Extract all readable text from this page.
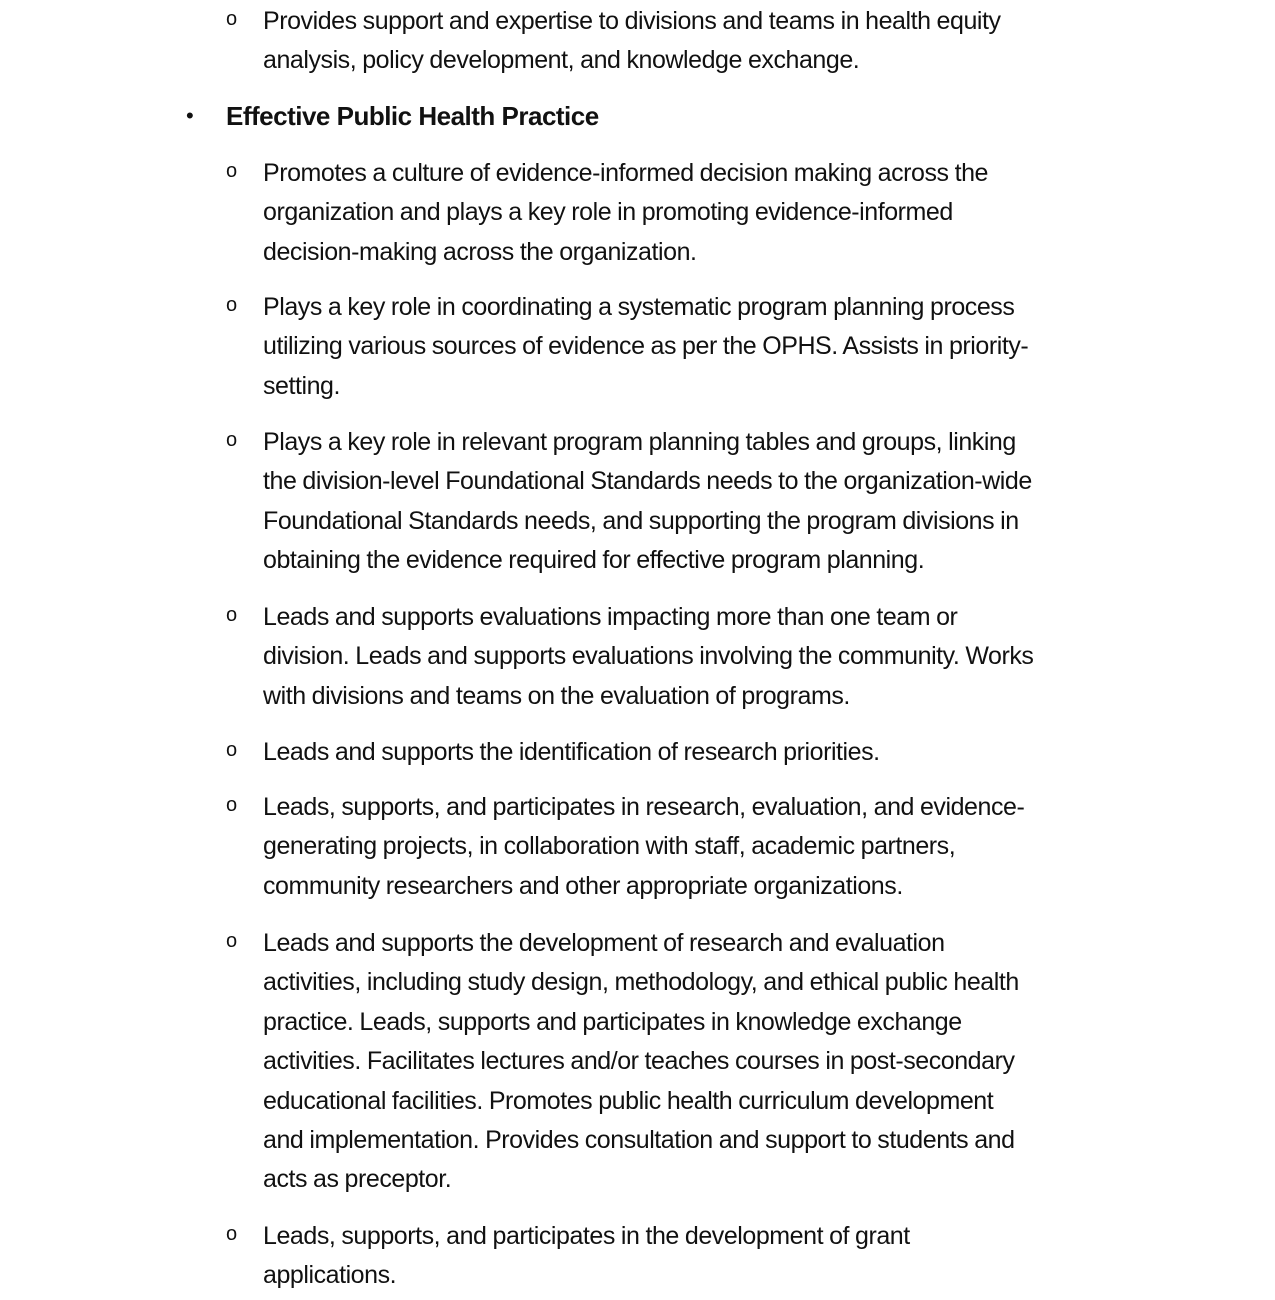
o Provides support and expertise to divisions and teams in health equity
analysis, policy development, and knowledge exchange.
• Effective Public Health Practice
o Promotes a culture of evidence-informed decision making across the
organization and plays a key role in promoting evidence-informed
decision-making across the organization.
o Plays a key role in coordinating a systematic program planning process
utilizing various sources of evidence as per the OPHS. Assists in priority-
setting.
o Plays a key role in relevant program planning tables and groups, linking
the division-level Foundational Standards needs to the organization-wide
Foundational Standards needs, and supporting the program divisions in
obtaining the evidence required for effective program planning.
o Leads and supports evaluations impacting more than one team or
division. Leads and supports evaluations involving the community. Works
with divisions and teams on the evaluation of programs.
o Leads and supports the identification of research priorities.
o Leads, supports, and participates in research, evaluation, and evidence-
generating projects, in collaboration with staff, academic partners,
community researchers and other appropriate organizations.
o Leads and supports the development of research and evaluation
activities, including study design, methodology, and ethical public health
practice. Leads, supports and participates in knowledge exchange
activities. Facilitates lectures and/or teaches courses in post-secondary
educational facilities. Promotes public health curriculum development
and implementation. Provides consultation and support to students and
acts as preceptor.
o Leads, supports, and participates in the development of grant
applications.
